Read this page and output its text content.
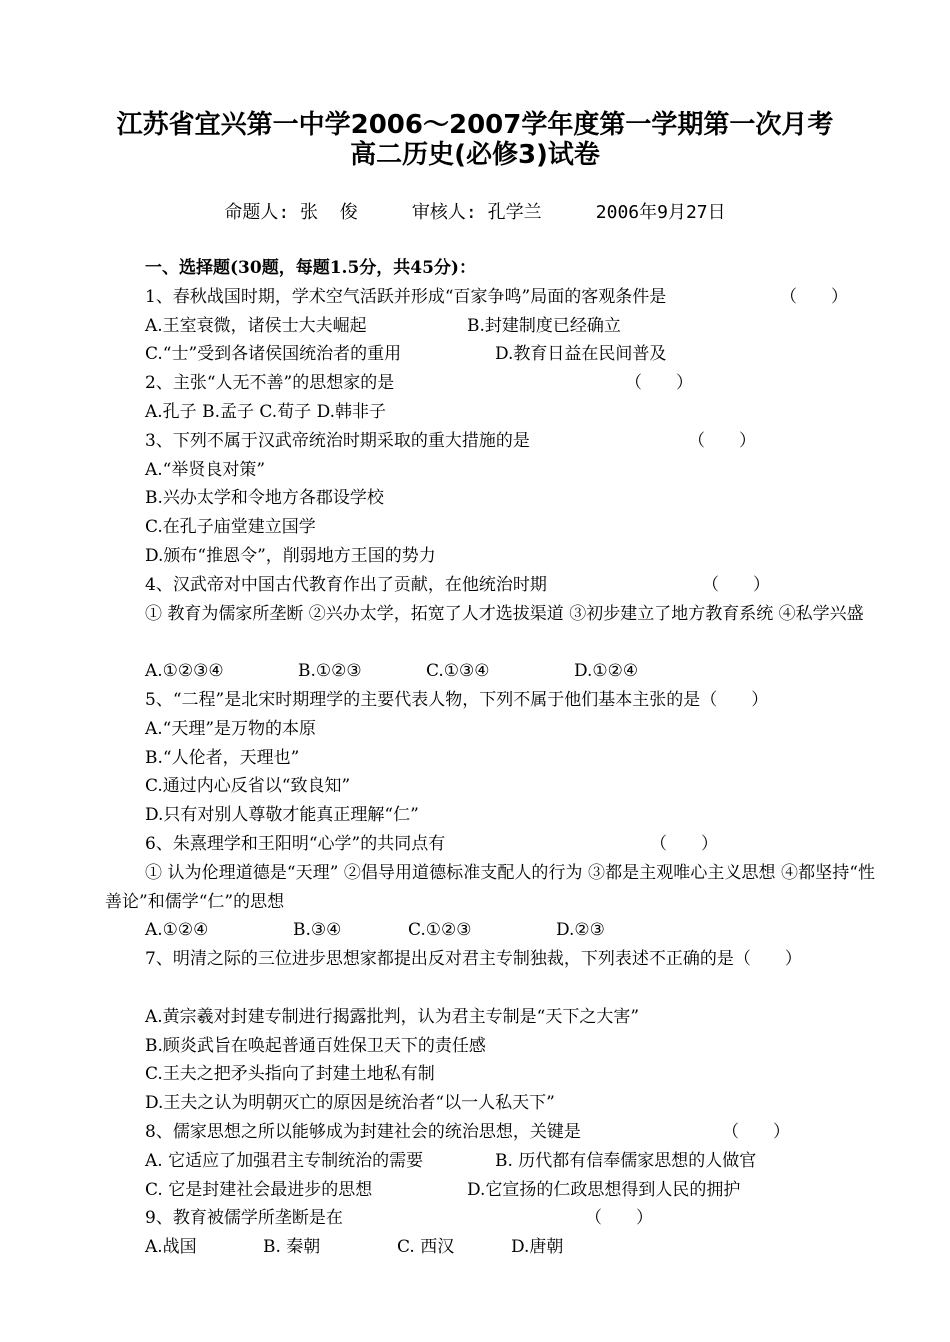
江苏省宜兴第一中学2006～2007学年度第一学期第一次月考
高二历史(必修3)试卷
命题人: 张  俊     审核人: 孔学兰     2006年9月27日
一、选择题(30题，每题1.5分，共45分)：
1、春秋战国时期，学术空气活跃并形成“百家争鸣”局面的客观条件是	（　　）
A.王室衰微，诸侯士大夫崛起	B.封建制度已经确立
C.“士”受到各诸侯国统治者的重用	D.教育日益在民间普及
2、主张“人无不善”的思想家的是	（　　）
A.孔子 B.孟子 C.荀子 D.韩非子
3、下列不属于汉武帝统治时期采取的重大措施的是	（　　）
A.“举贤良对策”
B.兴办太学和令地方各郡设学校
C.在孔子庙堂建立国学
D.颁布“推恩令”，削弱地方王国的势力
4、汉武帝对中国古代教育作出了贡献，在他统治时期	（　　）
① 教育为儒家所垄断 ②兴办太学，拓宽了人才选拔渠道 ③初步建立了地方教育系统 ④私学兴盛
A.①②③④	B.①②③	C.①③④	D.①②④
5、“二程”是北宋时期理学的主要代表人物，下列不属于他们基本主张的是（　　）
A.“天理”是万物的本原
B.“人伦者，天理也”
C.通过内心反省以“致良知”
D.只有对别人尊敬才能真正理解“仁”
6、朱熹理学和王阳明“心学”的共同点有	（　　）
① 认为伦理道德是“天理” ②倡导用道德标准支配人的行为 ③都是主观唯心主义思想 ④都坚持“性善论”和儒学“仁”的思想
A.①②④	B.③④	C.①②③	D.②③
7、明清之际的三位进步思想家都提出反对君主专制独裁，下列表述不正确的是（　　）
A.黄宗羲对封建专制进行揭露批判，认为君主专制是“天下之大害”
B.顾炎武旨在唤起普通百姓保卫天下的责任感
C.王夫之把矛头指向了封建土地私有制
D.王夫之认为明朝灭亡的原因是统治者“以一人私天下”
8、儒家思想之所以能够成为封建社会的统治思想，关键是	（　　）
A. 它适应了加强君主专制统治的需要	B. 历代都有信奉儒家思想的人做官
C. 它是封建社会最进步的思想	D.它宣扬的仁政思想得到人民的拥护
9、教育被儒学所垄断是在	（　　）
A.战国	B. 秦朝	C. 西汉	D.唐朝
